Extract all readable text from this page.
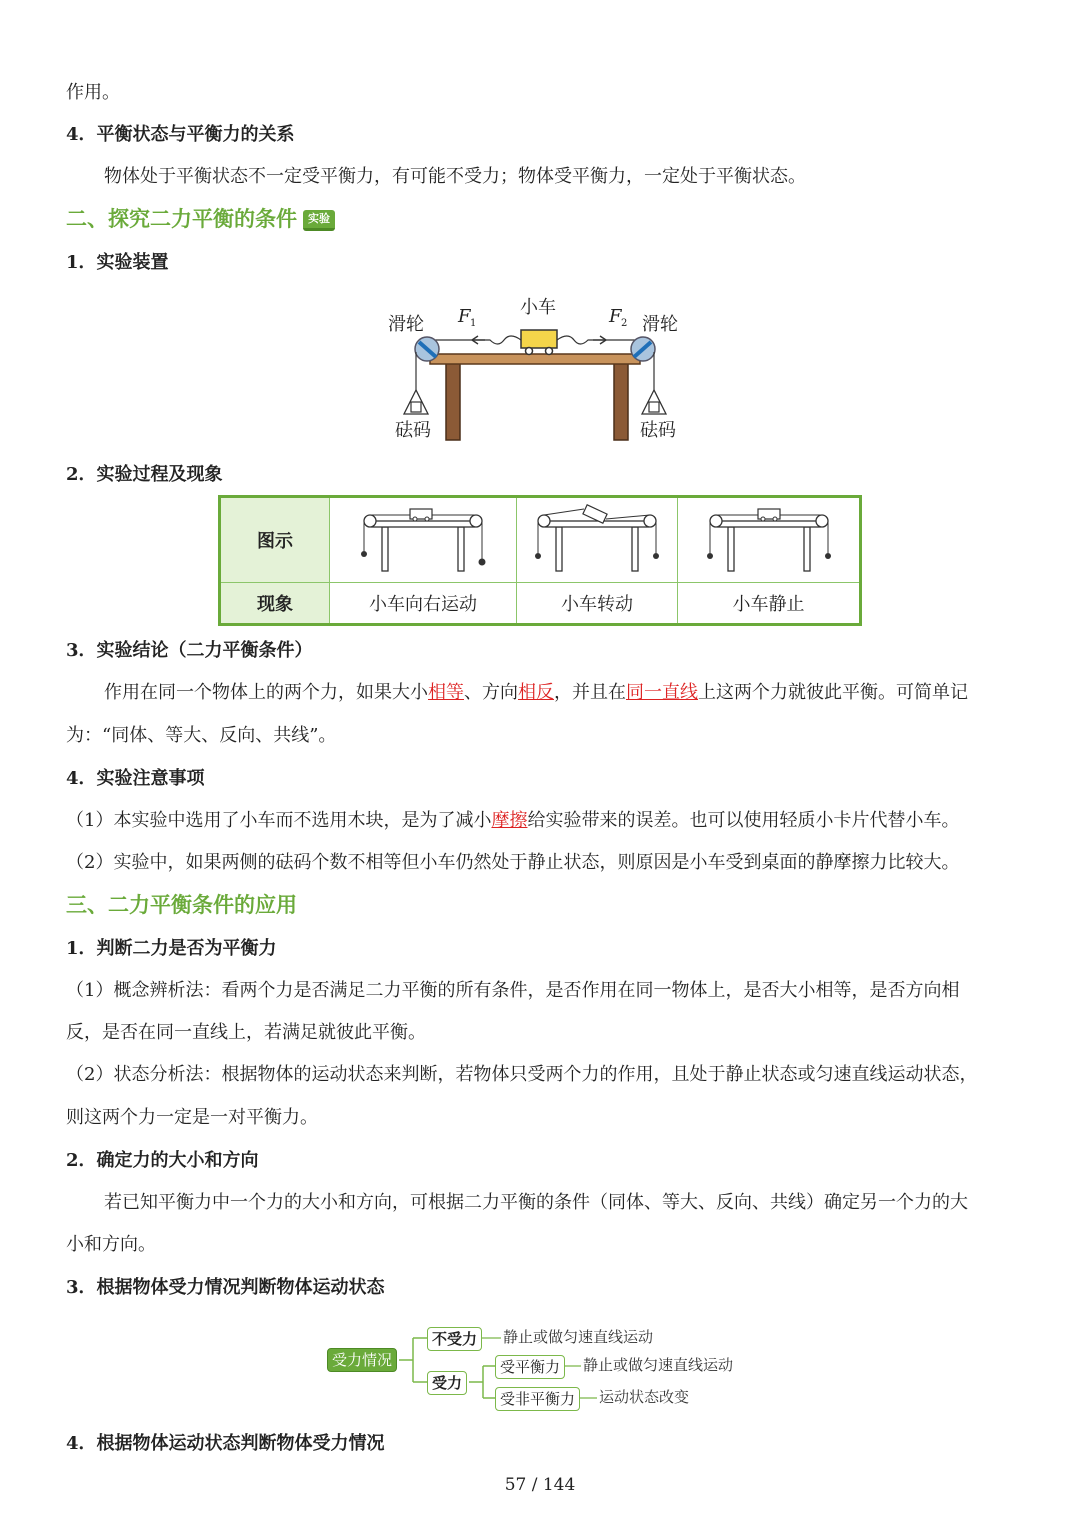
作用。
4．平衡状态与平衡力的关系
物体处于平衡状态不一定受平衡力，有可能不受力；物体受平衡力，一定处于平衡状态。
二、探究二力平衡的条件 实验
1．实验装置
滑轮	滑轮
小车
砝码	砝码
F 1	F 2
2．实验过程及现象
图示			
现象	小车向右运动	小车转动	小车静止
3．实验结论（二力平衡条件）
作用在同一个物体上的两个力，如果大小相等、方向相反，并且在同一直线上这两个力就彼此平衡。可简单记
为：“同体、等大、反向、共线”。
4．实验注意事项
（1）本实验中选用了小车而不选用木块，是为了减小摩擦给实验带来的误差。也可以使用轻质小卡片代替小车。
（2）实验中，如果两侧的砝码个数不相等但小车仍然处于静止状态，则原因是小车受到桌面的静摩擦力比较大。
三、二力平衡条件的应用
1．判断二力是否为平衡力
（1）概念辨析法：看两个力是否满足二力平衡的所有条件，是否作用在同一物体上，是否大小相等，是否方向相
反，是否在同一直线上，若满足就彼此平衡。
（2）状态分析法：根据物体的运动状态来判断，若物体只受两个力的作用，且处于静止状态或匀速直线运动状态，
则这两个力一定是一对平衡力。
2．确定力的大小和方向
若已知平衡力中一个力的大小和方向，可根据二力平衡的条件（同体、等大、反向、共线）确定另一个力的大
小和方向。
3．根据物体受力情况判断物体运动状态
受力情况
不受力	静止或做匀速直线运动
受力
受平衡力	静止或做匀速直线运动
受非平衡力	运动状态改变
4．根据物体运动状态判断物体受力情况
57 / 144
